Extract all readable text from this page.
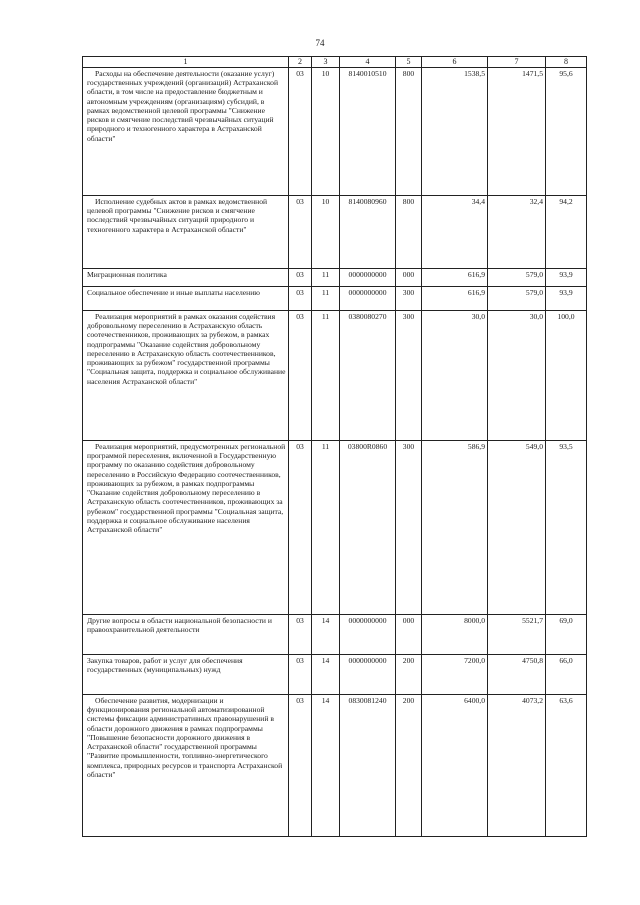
74
1	2	3	4	5	6	7	8

Расходы на обеспечение деятельности (оказание услуг) государственных учреждений (организаций) Астраханской области, в том числе на предоставление бюджетным и автономным учреждениям (организациям) субсидий, в рамках ведомственной целевой программы "Снижение рисков и смягчение последствий чрезвычайных ситуаций природного и техногенного характера в Астраханской области"	03	10	8140010510	800	1538,5	1471,5	95,6

Исполнение судебных актов в рамках ведомственной целевой программы "Снижение рисков и смягчение последствий чрезвычайных ситуаций природного и техногенного характера в Астраханской области"	03	10	8140080960	800	34,4	32,4	94,2

Миграционная политика	03	11	0000000000	000	616,9	579,0	93,9

Социальное обеспечение и иные выплаты населению	03	11	0000000000	300	616,9	579,0	93,9

Реализация мероприятий в рамках оказания содействия добровольному переселению в Астраханскую область соотечественников, проживающих за рубежом, в рамках подпрограммы "Оказание содействия добровольному переселению в Астраханскую область соотечественников, проживающих за рубежом" государственной программы "Социальная защита, поддержка и социальное обслуживание населения Астраханской области"	03	11	0380080270	300	30,0	30,0	100,0

Реализация мероприятий, предусмотренных региональной программой переселения, включенной в Государственную программу по оказанию содействия добровольному переселению в Российскую Федерацию соотечественников, проживающих за рубежом, в рамках подпрограммы "Оказание содействия добровольному переселению в Астраханскую область соотечественников, проживающих за рубежом" государственной программы "Социальная защита, поддержка и социальное обслуживание населения Астраханской области"	03	11	03800R0860	300	586,9	549,0	93,5

Другие вопросы в области национальной безопасности и правоохранительной деятельности	03	14	0000000000	000	8000,0	5521,7	69,0

Закупка товаров, работ и услуг для обеспечения государственных (муниципальных) нужд	03	14	0000000000	200	7200,0	4750,8	66,0

Обеспечение развития, модернизации и функционирования региональной автоматизированной системы фиксации административных правонарушений в области дорожного движения в рамках подпрограммы "Повышение безопасности дорожного движения в Астраханской области" государственной программы "Развитие промышленности, топливно-энергетического комплекса, природных ресурсов и транспорта Астраханской области"	03	14	0830081240	200	6400,0	4073,2	63,6
